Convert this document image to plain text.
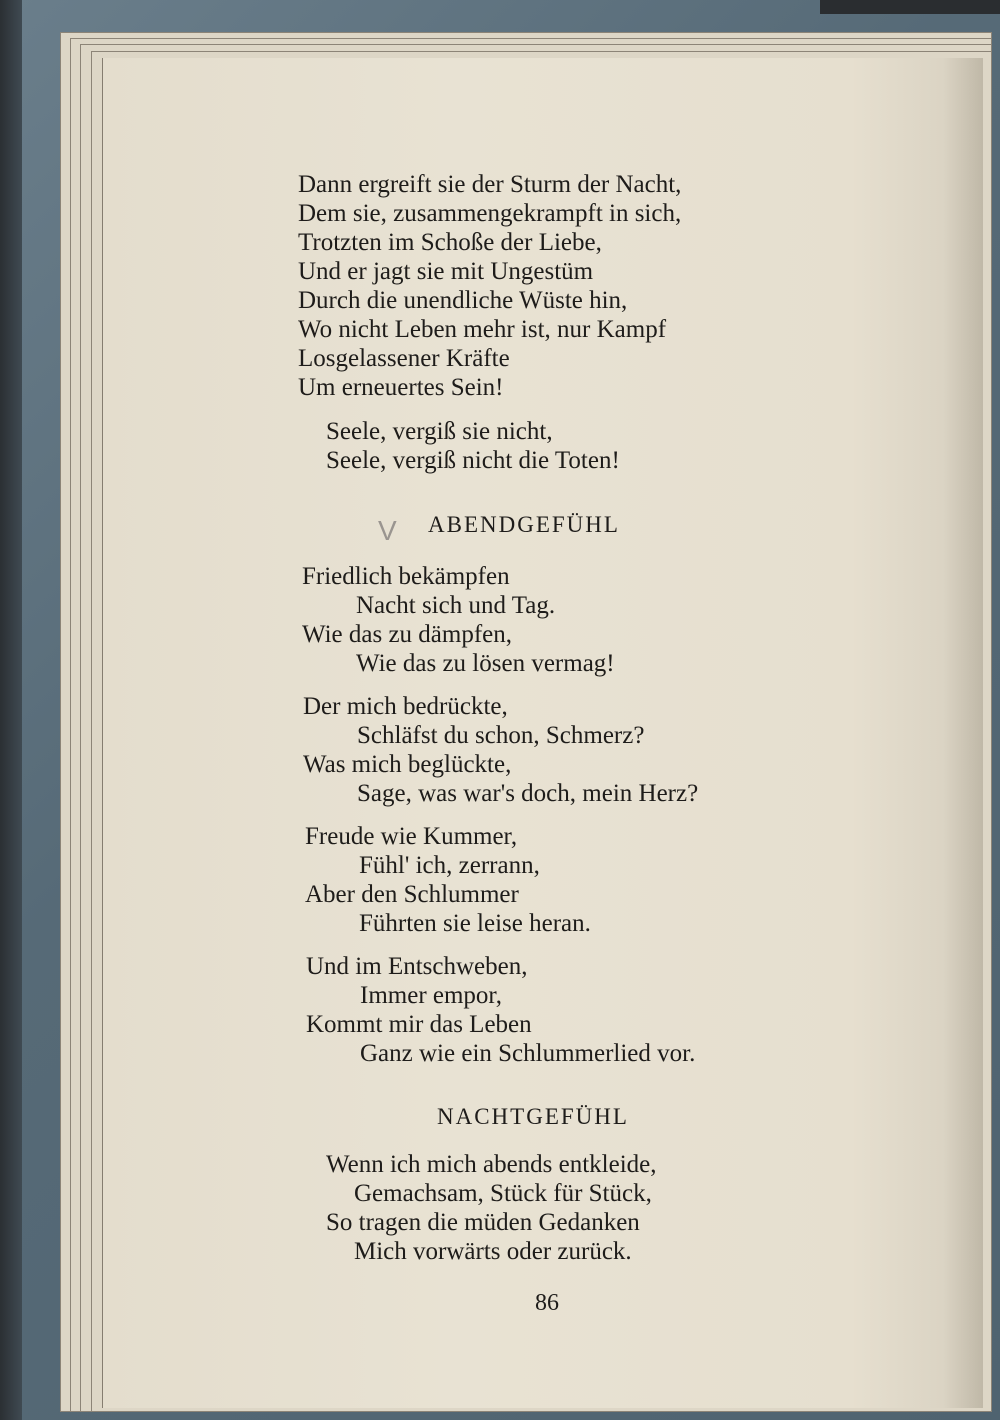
Dann ergreift sie der Sturm der Nacht,
Dem sie, zusammengekrampft in sich,
Trotzten im Schoße der Liebe,
Und er jagt sie mit Ungestüm
Durch die unendliche Wüste hin,
Wo nicht Leben mehr ist, nur Kampf
Losgelassener Kräfte
Um erneuertes Sein!
Seele, vergiß sie nicht,
Seele, vergiß nicht die Toten!
V ABENDGEFÜHL
Friedlich bekämpfen
Nacht sich und Tag.
Wie das zu dämpfen,
Wie das zu lösen vermag!
Der mich bedrückte,
Schläfst du schon, Schmerz?
Was mich beglückte,
Sage, was war's doch, mein Herz?
Freude wie Kummer,
Fühl' ich, zerrann,
Aber den Schlummer
Führten sie leise heran.
Und im Entschweben,
Immer empor,
Kommt mir das Leben
Ganz wie ein Schlummerlied vor.
NACHTGEFÜHL
Wenn ich mich abends entkleide,
Gemachsam, Stück für Stück,
So tragen die müden Gedanken
Mich vorwärts oder zurück.
86
